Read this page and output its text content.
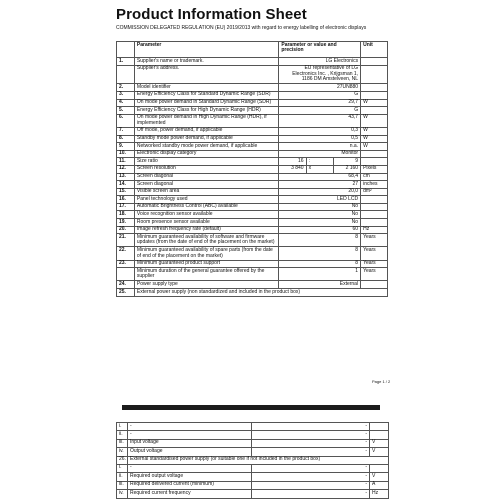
Product Information Sheet
COMMISSION DELEGATED REGULATION (EU) 2019/2013 with regard to energy labelling of electronic displays
	Parameter	Parameter or value and precision			Unit
1.	Supplier's name or trademark.	LG Electronics			
	Supplier's address.	EU representative of LG Electronics Inc. , Krijgsman 1, 1186 DM Amstelveen, NL			
2.	Model identifier	27UN880			
3.	Energy Efficiency Class for Standard Dynamic Range (SDR)	G			
4.	On mode power demand in Standard Dynamic Range (SDR)	29,7			W
5.	Energy Efficiency Class for High Dynamic Range (HDR)	G			
6.	On mode power demand in High Dynamic Range (HDR), if implemented	43,7			W
7.	Off mode, power demand, if applicable	0,3			W
8.	Standby mode power demand, if applicable	0,5			W
9.	Networked standby mode power demand, if applicable	n.a.			W
10.	Electronic display category	Monitor			
11.	Size ratio	16	:	9	
12.	Screen resolution	3 840	x	2 160	Pixels
13.	Screen diagonal	68,4			cm
14.	Screen diagonal	27			inches
15.	Visible screen area	20,0			dm²
16.	Panel technology used	LED LCD			
17.	Automatic Brightness Control (ABC) available	No			
18.	Voice recognition sensor available	No			
19.	Room presence sensor available	No			
20.	Image refresh frequency rate (default)	60			Hz
21.	Minimum guaranteed availability of software and firmware updates (from the date of end of the placement on the market)	8			Years
22.	Minimum guaranteed availability of spare parts (from the date of end of the placement on the market)	8			Years
23.	Minimum guaranteed product support	8			Years
	Minimum duration of the general guarantee offered by the supplier	1			Years
24.	Power supply type	External			
25.	External power supply (non standardized and included in the product box)				
Page 1 / 2
i.	-	-	
ii.	-	-	
iii.	Input voltage	-	V
iv.	Output voltage	-	V
26.	External standardised power supply (or suitable one if not included in the product box)		
i.	-	-	
ii.	Required output voltage	-	V
iii.	Required delivered current (minimum)	-	A
iv.	Required current frequency	-	Hz
